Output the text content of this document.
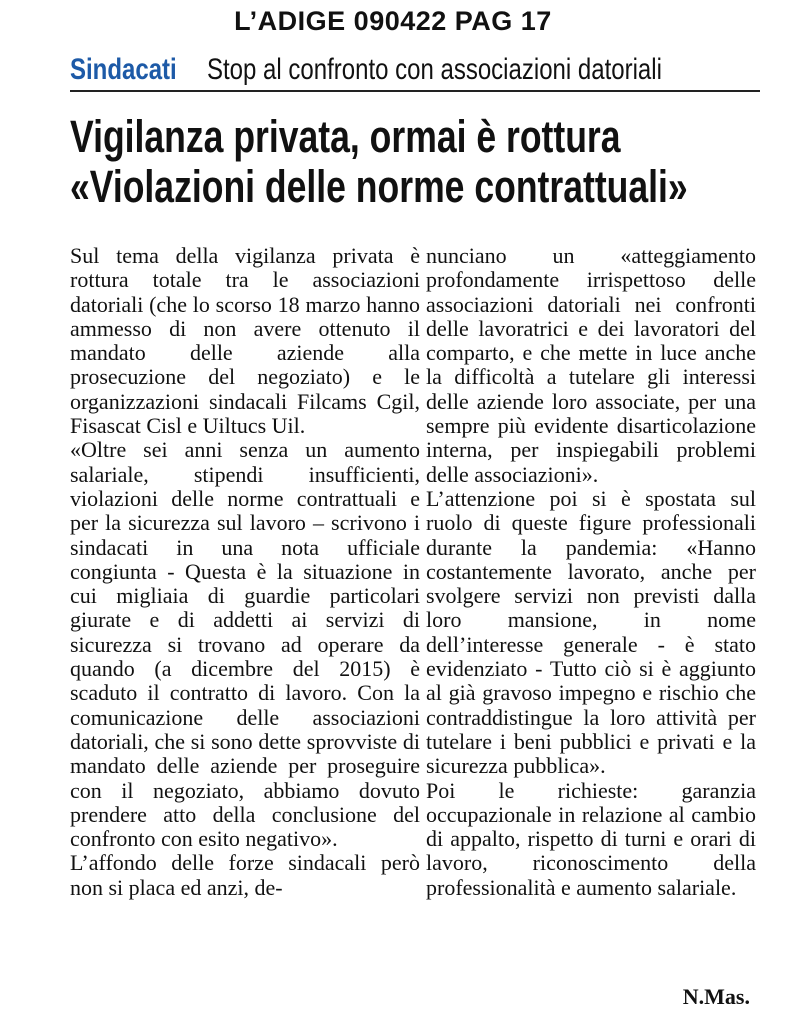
L’ADIGE 090422 PAG 17
Sindacati Stop al confronto con associazioni datoriali
Vigilanza privata, ormai è rottura
«Violazioni delle norme contrattuali»

Sul tema della vigilanza privata è rottura totale tra le associazioni datoriali (che lo scorso 18 marzo hanno ammesso di non avere ottenuto il mandato delle aziende alla prosecuzione del negoziato) e le organizzazioni sindacali Filcams Cgil, Fisascat Cisl e Uiltucs Uil.

«Oltre sei anni senza un aumento salariale, stipendi insufficienti, violazioni delle norme contrattuali e per la sicurezza sul lavoro – scrivono i sindacati in una nota ufficiale congiunta - Questa è la situazione in cui migliaia di guardie particolari giurate e di addetti ai servizi di sicurezza si trovano ad operare da quando (a dicembre del 2015) è scaduto il contratto di lavoro. Con la comunicazione delle associazioni datoriali, che si sono dette sprovviste di mandato delle aziende per proseguire con il negoziato, abbiamo dovuto prendere atto della conclusione del confronto con esito negativo».

L’affondo delle forze sindacali però non si placa ed anzi, de-

nunciano un «atteggiamento profondamente irrispettoso delle associazioni datoriali nei confronti delle lavoratrici e dei lavoratori del comparto, e che mette in luce anche la difficoltà a tutelare gli interessi delle aziende loro associate, per una sempre più evidente disarticolazione interna, per inspiegabili problemi delle associazioni».

L’attenzione poi si è spostata sul ruolo di queste figure professionali durante la pandemia: «Hanno costantemente lavorato, anche per svolgere servizi non previsti dalla loro mansione, in nome dell’interesse generale - è stato evidenziato - Tutto ciò si è aggiunto al già gravoso impegno e rischio che contraddistingue la loro attività per tutelare i beni pubblici e privati e la sicurezza pubblica».

Poi le richieste: garanzia occupazionale in relazione al cambio di appalto, rispetto di turni e orari di lavoro, riconoscimento della professionalità e aumento salariale.

N.Mas.
